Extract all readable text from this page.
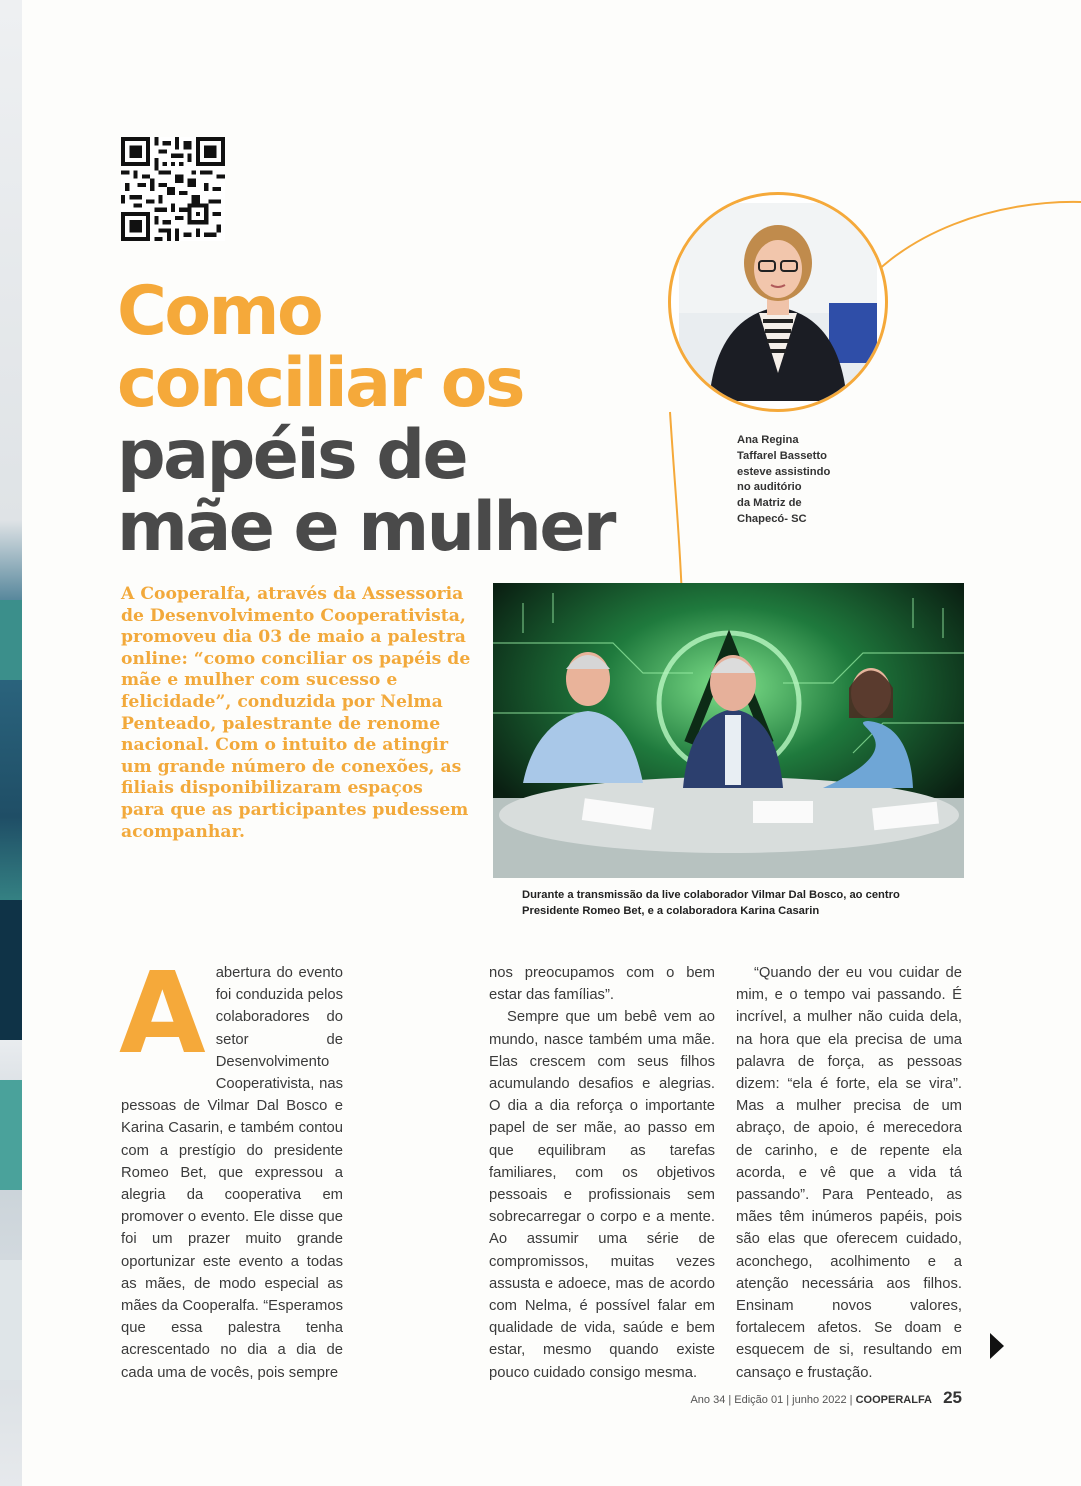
Como
conciliar os
papéis de
mãe e mulher
Ana Regina
Taffarel Bassetto
esteve assistindo
no auditório
da Matriz de
Chapecó- SC

A Cooperalfa, através da Assessoria de Desenvolvimento Cooperativista, promoveu dia 03 de maio a palestra online: “como conciliar os papéis de mãe e mulher com sucesso e felicidade”, conduzida por Nelma Penteado, palestrante de renome nacional. Com o intuito de atingir um grande número de conexões, as filiais disponibilizaram espaços para que as participantes pudessem acompanhar.

Durante a transmissão da live colaborador Vilmar Dal Bosco, ao centro Presidente Romeo Bet, e a colaboradora Karina Casarin
A abertura do evento foi conduzida pelos colaboradores do setor de Desenvolvimento Cooperativista, nas pessoas de Vilmar Dal Bosco e Karina Casarin, e também contou com a prestígio do presidente Romeo Bet, que expressou a alegria da cooperativa em promover o evento. Ele disse que foi um prazer muito grande oportunizar este evento a todas as mães, de modo especial as mães da Cooperalfa. “Esperamos que essa palestra tenha acrescentado no dia a dia de cada uma de vocês, pois sempre

nos preocupamos com o bem estar das famílias”.

Sempre que um bebê vem ao mundo, nasce também uma mãe. Elas crescem com seus filhos acumulando desafios e alegrias. O dia a dia reforça o importante papel de ser mãe, ao passo em que equilibram as tarefas familiares, com os objetivos pessoais e profissionais sem sobrecarregar o corpo e a mente. Ao assumir uma série de compromissos, muitas vezes assusta e adoece, mas de acordo com Nelma, é possível falar em qualidade de vida, saúde e bem estar, mesmo quando existe pouco cuidado consigo mesma.

“Quando der eu vou cuidar de mim, e o tempo vai passando. É incrível, a mulher não cuida dela, na hora que ela precisa de uma palavra de força, as pessoas dizem: “ela é forte, ela se vira”. Mas a mulher precisa de um abraço, de apoio, é merecedora de carinho, e de repente ela acorda, e vê que a vida tá passando”. Para Penteado, as mães têm inúmeros papéis, pois são elas que oferecem cuidado, aconchego, acolhimento e a atenção necessária aos filhos. Ensinam novos valores, fortalecem afetos. Se doam e esquecem de si, resultando em cansaço e frustação.

Ano 34 | Edição 01 | junho 2022 | COOPERALFA 25
